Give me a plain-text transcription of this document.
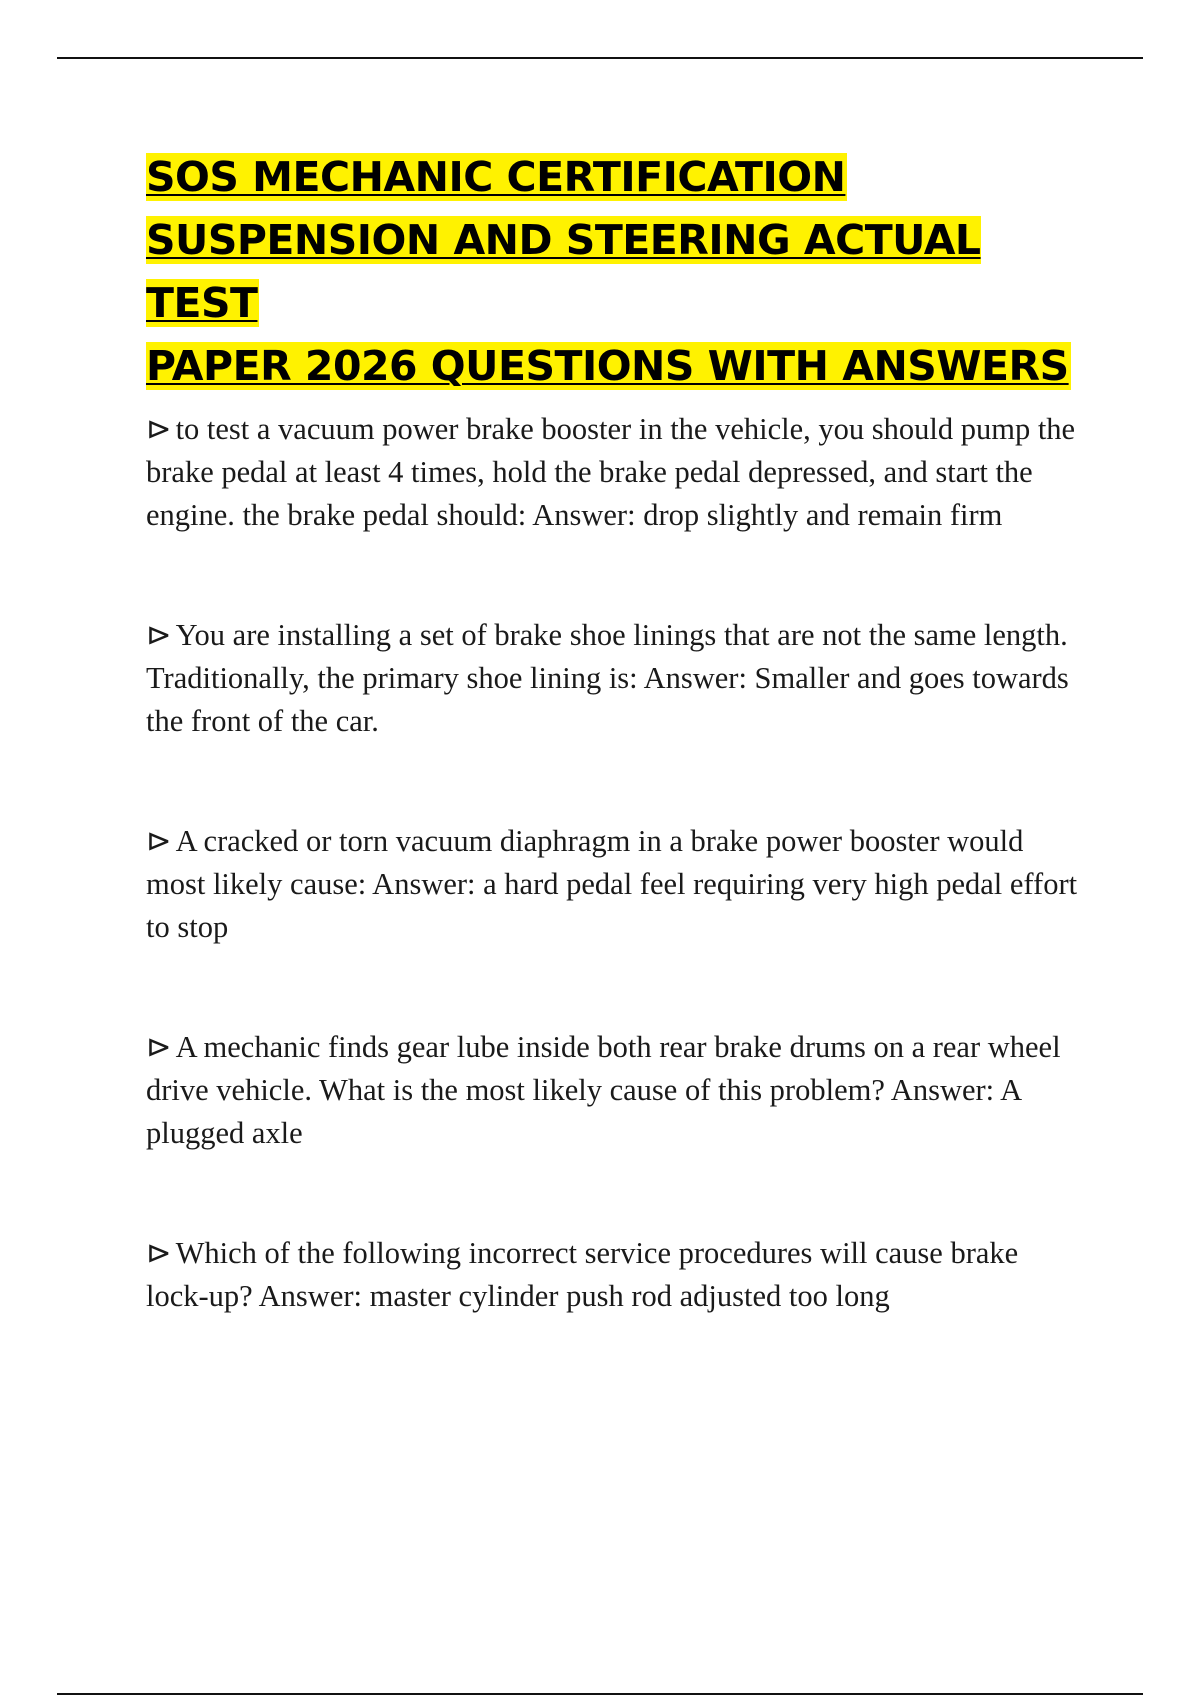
SOS MECHANIC CERTIFICATION
SUSPENSION AND STEERING ACTUAL TEST
PAPER 2026 QUESTIONS WITH ANSWERS

⊳ to test a vacuum power brake booster in the vehicle, you should pump the brake pedal at least 4 times, hold the brake pedal depressed, and start the engine. the brake pedal should: Answer: drop slightly and remain firm

⊳ You are installing a set of brake shoe linings that are not the same length. Traditionally, the primary shoe lining is: Answer: Smaller and goes towards the front of the car.

⊳ A cracked or torn vacuum diaphragm in a brake power booster would most likely cause: Answer: a hard pedal feel requiring very high pedal effort to stop

⊳ A mechanic finds gear lube inside both rear brake drums on a rear wheel drive vehicle. What is the most likely cause of this problem? Answer: A plugged axle

⊳ Which of the following incorrect service procedures will cause brake lock-up? Answer: master cylinder push rod adjusted too long
